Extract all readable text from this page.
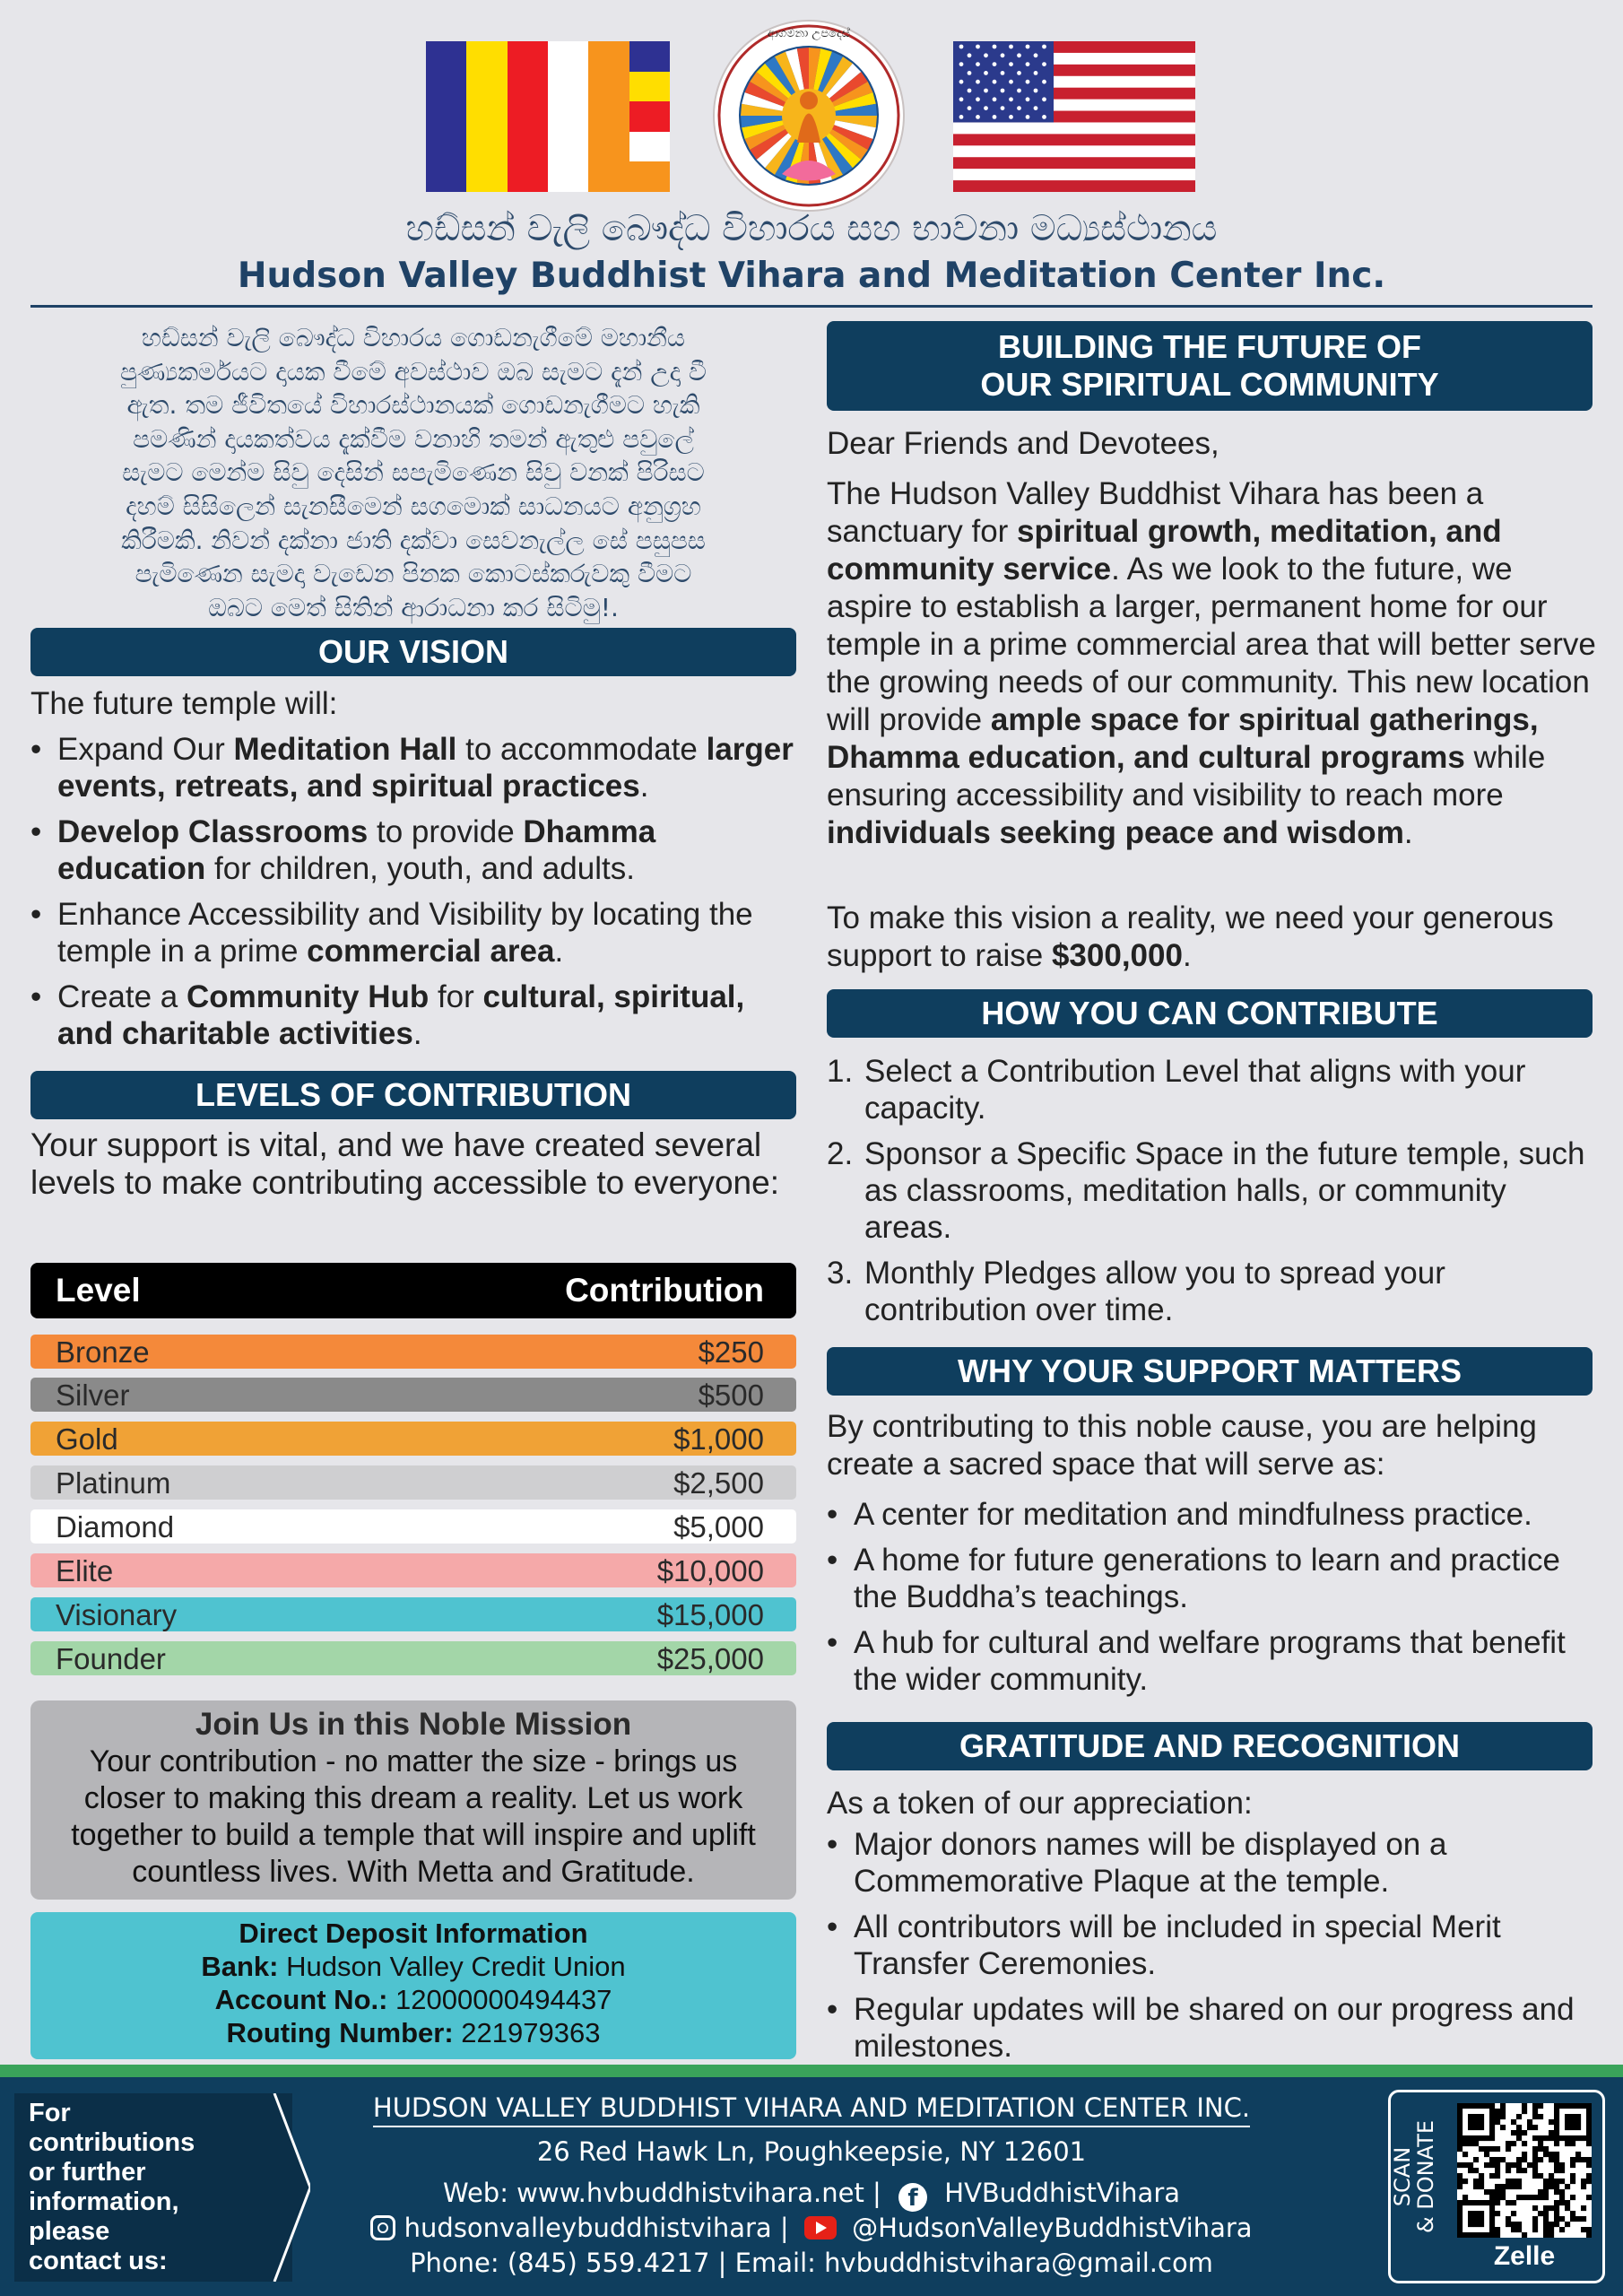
ආගමනා උපදෙස්
හඩ්සන් වැලි බෞද්ධ විහාරය සහ භාවනා මධ්‍යස්ථානය
Hudson Valley Buddhist Vihara and Meditation Center Inc.
හඩ්සන් වැලි බෞද්ධ විහාරය ගොඩනැගීමේ මහානීය
පුණ්‍යකර්මයට දායක වීමේ අවස්ථාව ඔබ සැමට දැන් උදා වී
ඇත. තම ජීවිතයේ විහාරස්ථානයක් ගොඩනැගීමට හැකි
පමණින් දායකත්වය දැක්වීම වනාහි තමන් ඇතුළු පවුලේ
සැමට මෙන්ම සිවු දෙසින් සපැමිණෙන සිවු වනක් පිරිසට
දහම් සිසිලෙන් සැනසීමෙන් සගමොක් සාධනයට අනුග්‍රහ
කිරීමකි. නිවන් දක්නා ජාති දක්වා සෙවනැල්ල සේ පසුපස
පැමිණෙන සැමදා වැඩෙන පිනක කොටස්කරුවකු වීමට
ඔබට මෙත් සිතින් ආරාධනා කර සිටිමු!.
OUR VISION
The future temple will:
• Expand Our Meditation Hall to accommodate larger events, retreats, and spiritual practices.
• Develop Classrooms to provide Dhamma education for children, youth, and adults.
• Enhance Accessibility and Visibility by locating the temple in a prime commercial area.
• Create a Community Hub for cultural, spiritual, and charitable activities.
LEVELS OF CONTRIBUTION
Your support is vital, and we have created several levels to make contributing accessible to everyone:
Level	Contribution
Bronze	$250
Silver	$500
Gold	$1,000
Platinum	$2,500
Diamond	$5,000
Elite	$10,000
Visionary	$15,000
Founder	$25,000
Join Us in this Noble Mission
Your contribution - no matter the size - brings us closer to making this dream a reality. Let us work together to build a temple that will inspire and uplift countless lives. With Metta and Gratitude.
Direct Deposit Information
Bank: Hudson Valley Credit Union
Account No.: 12000000494437
Routing Number: 221979363
BUILDING THE FUTURE OF
OUR SPIRITUAL COMMUNITY
Dear Friends and Devotees,
The Hudson Valley Buddhist Vihara has been a sanctuary for spiritual growth, meditation, and community service. As we look to the future, we aspire to establish a larger, permanent home for our temple in a prime commercial area that will better serve the growing needs of our community. This new location will provide ample space for spiritual gatherings, Dhamma education, and cultural programs while ensuring accessibility and visibility to reach more individuals seeking peace and wisdom.
To make this vision a reality, we need your generous support to raise $300,000.
HOW YOU CAN CONTRIBUTE
1. Select a Contribution Level that aligns with your capacity.
2. Sponsor a Specific Space in the future temple, such as classrooms, meditation halls, or community areas.
3. Monthly Pledges allow you to spread your contribution over time.
WHY YOUR SUPPORT MATTERS
By contributing to this noble cause, you are helping create a sacred space that will serve as:
• A center for meditation and mindfulness practice.
• A home for future generations to learn and practice the Buddha’s teachings.
• A hub for cultural and welfare programs that benefit the wider community.
GRATITUDE AND RECOGNITION
As a token of our appreciation:
• Major donors names will be displayed on a Commemorative Plaque at the temple.
• All contributors will be included in special Merit Transfer Ceremonies.
• Regular updates will be shared on our progress and milestones.
For
contributions
or further
information,
please
contact us:
HUDSON VALLEY BUDDHIST VIHARA AND MEDITATION CENTER INC.
26 Red Hawk Ln, Poughkeepsie, NY 12601
Web: www.hvbuddhistvihara.net | f HVBuddhistVihara
hudsonvalleybuddhistvihara | @HudsonValleyBuddhistVihara
Phone: (845) 559.4217 | Email: hvbuddhistvihara@gmail.com
SCAN
& DONATE
Zelle
